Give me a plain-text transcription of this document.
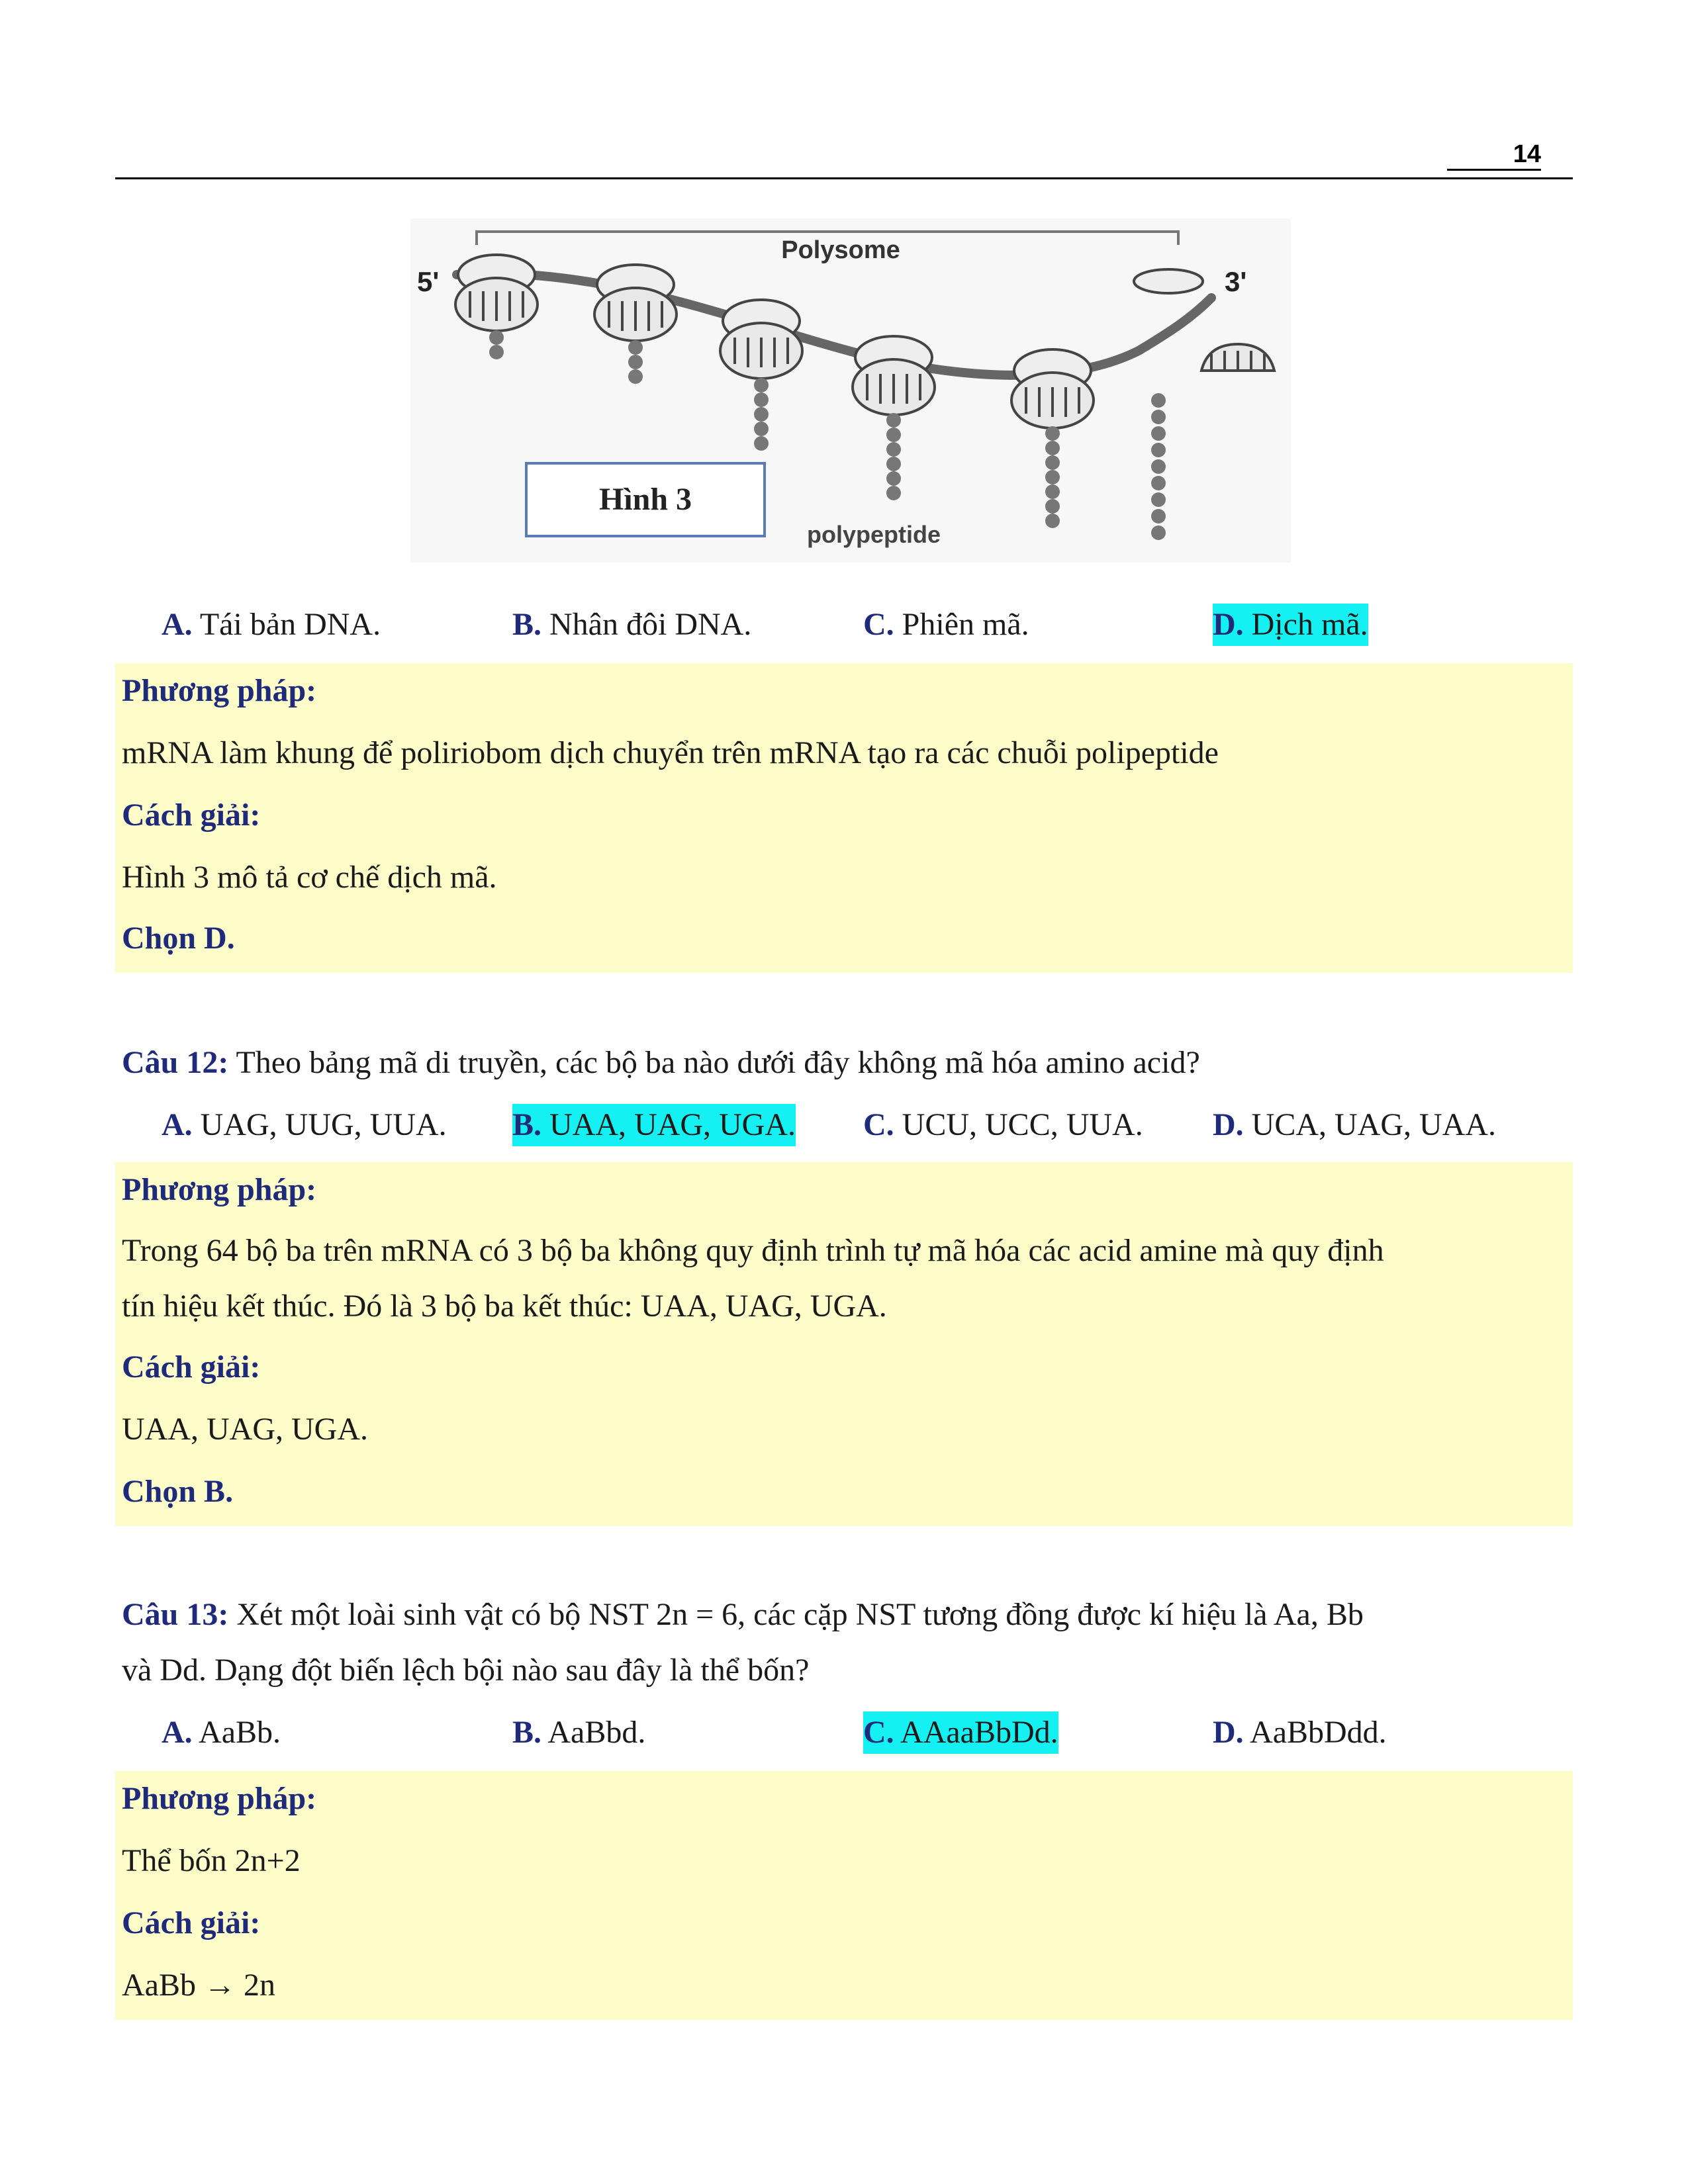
14
Polysome
5'	3'
Hình 3
polypeptide
A. Tái bản DNA.	B. Nhân đôi DNA.	C. Phiên mã.	D. Dịch mã.
Phương pháp:
mRNA làm khung để poliriobom dịch chuyển trên mRNA tạo ra các chuỗi polipeptide
Cách giải:
Hình 3 mô tả cơ chế dịch mã.
Chọn D.
Câu 12: Theo bảng mã di truyền, các bộ ba nào dưới đây không mã hóa amino acid?
A. UAG, UUG, UUA. B. UAA, UAG, UGA. C. UCU, UCC, UUA. D. UCA, UAG, UAA.
Phương pháp:
Trong 64 bộ ba trên mRNA có 3 bộ ba không quy định trình tự mã hóa các acid amine mà quy định
tín hiệu kết thúc. Đó là 3 bộ ba kết thúc: UAA, UAG, UGA.
Cách giải:
UAA, UAG, UGA.
Chọn B.
Câu 13: Xét một loài sinh vật có bộ NST 2n = 6, các cặp NST tương đồng được kí hiệu là Aa, Bb
và Dd. Dạng đột biến lệch bội nào sau đây là thể bốn?
A. AaBb.	B. AaBbd.	C. AAaaBbDd.	D. AaBbDdd.
Phương pháp:
Thể bốn 2n+2
Cách giải:
AaBb → 2n
